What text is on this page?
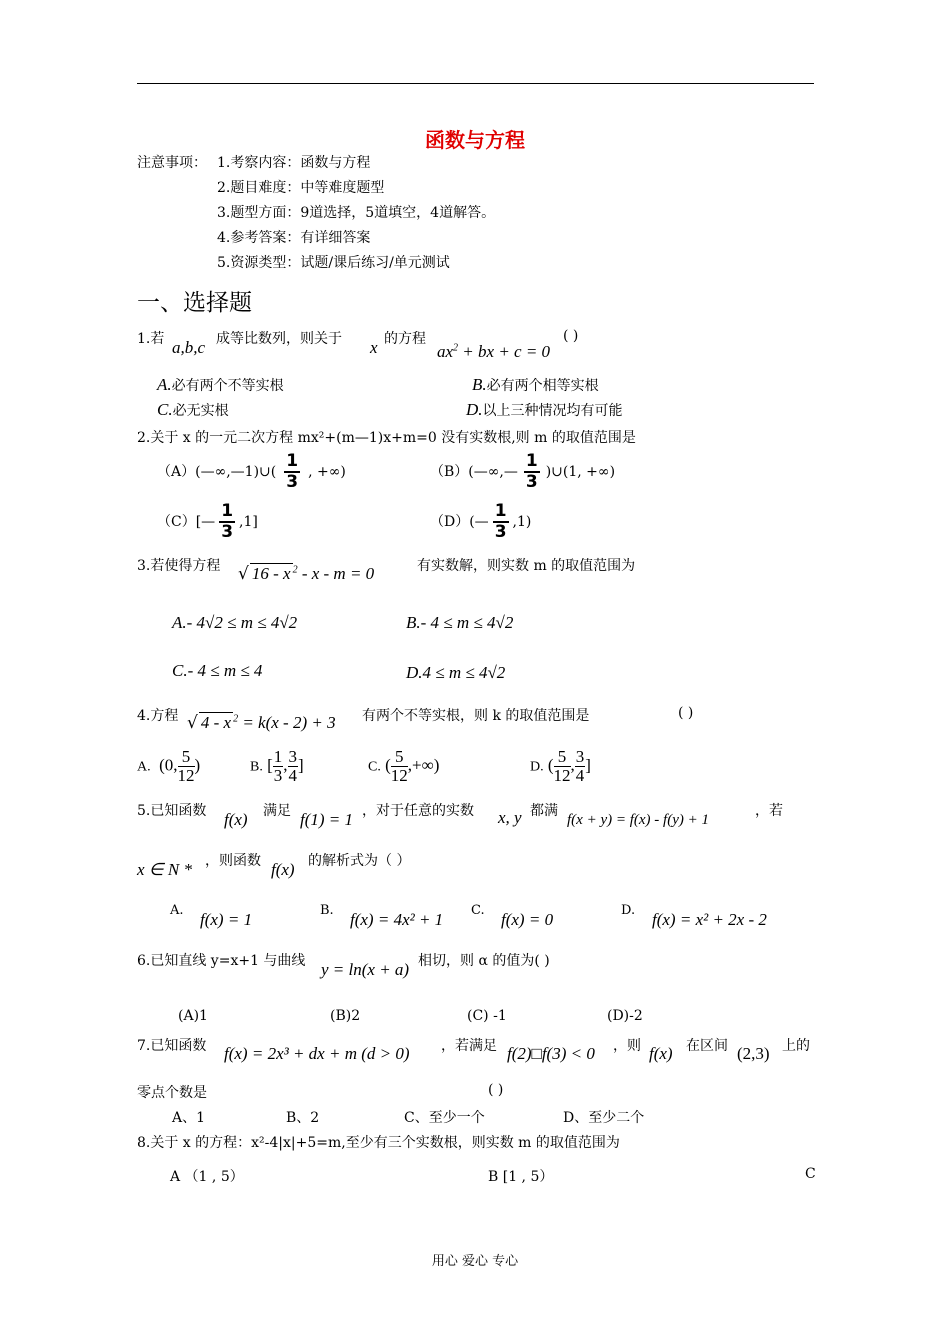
函数与方程
注意事项： 1.考察内容：函数与方程
2.题目难度：中等难度题型
3.题型方面：9道选择，5道填空，4道解答。
4.参考答案：有详细答案
5.资源类型：试题/课后练习/单元测试
一、选择题
1.若 a,b,c 成等比数列，则关于 x 的方程
$ax^2$ + bx + c = 0
( )
A.必有两个不等实根	B.必有两个相等实根
C.必无实根	D.以上三种情况均有可能
2.关于 x 的一元二次方程 mx²+(m—1)x+m=0 没有实数根,则 m 的取值范围是
（A）(—∞,—1)∪( $\frac{1}{3}$ , +∞)	（B）(—∞,— $\frac{1}{3}$ )∪(1, +∞)
（C）[— $\frac{1}{3} ,1$]	（D）(— $\frac{1}{3} ,1$)
3.若使得方程 √ 16 - x $^2$ - x - m = 0	有实数解，则实数 m 的取值范围为
A.- 4√2 ≤ m ≤ 4√2	B.- 4 ≤ m ≤ 4√2
C.- 4 ≤ m ≤ 4	D.4 ≤ m ≤ 4√2
4.方程 √ 4 - x $^2$ = k(x - 2) + 3 有两个不等实根，则 k 的取值范围是	( )
A.  (0, $\frac{5}{12}$ )	B. [ $\frac{1}{3}$ , $\frac{3}{4}$ ]	C. ( $\frac{5}{12}$ ,+∞)	D. ( $\frac{5}{12}$ , $\frac{3}{4}$ ]
5.已知函数 f(x) 满足 f(1) = 1 ，对于任意的实数 x, y 都满
f(x + y) = f(x) - f(y) + 1
，若
x ∈ N * ，则函数 f(x) 的解析式为（ ）
A. f(x) = 1	B. f(x) = 4x² + 1 C. f(x) = 0	D. f(x) = x² + 2x - 2
6.已知直线 y=x+1 与曲线 y = ln(x + a) 相切，则 α 的值为( )
(A)1	(B)2	(C) -1	(D)-2
7.已知函数 f(x) = 2x³ + dx + m (d > 0) ，若满足 f(2)□f(3) < 0 ，则 f(x) 在区间 (2,3) 上的
零点个数是	( )
A、1	B、2	C、至少一个	D、至少二个
8.关于 x 的方程：x²-4|x|+5=m,至少有三个实数根，则实数 m 的取值范围为
A （1 , 5）	B [1 , 5）	C
用心 爱心 专心
